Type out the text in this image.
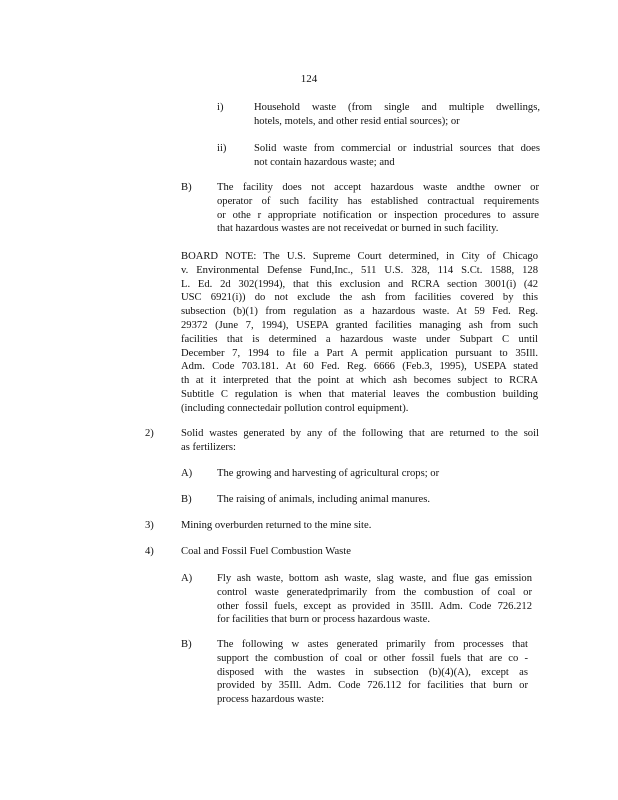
124
i)	Household waste (from single and multiple dwellings,
hotels, motels, and other resid ential sources); or
ii)	Solid waste from commercial or industrial sources that does
not contain hazardous waste; and
B) The facility does not accept hazardous waste andthe owner or
operator of such facility has established contractual requirements
or othe r appropriate notification or inspection procedures to assure
that hazardous wastes are not receivedat or burned in such facility.
BOARD NOTE: The U.S. Supreme Court determined, in City of Chicago
v. Environmental Defense Fund,Inc., 511 U.S. 328, 114 S.Ct. 1588, 128
L. Ed. 2d 302(1994), that this exclusion and RCRA section 3001(i) (42
USC 6921(i)) do not exclude the ash from facilities covered by this
subsection (b)(1) from regulation as a hazardous waste. At 59 Fed. Reg.
29372 (June 7, 1994), USEPA granted facilities managing ash from such
facilities that is determined a hazardous waste under Subpart C until
December 7, 1994 to file a Part A permit application pursuant to 35Ill.
Adm. Code 703.181. At 60 Fed. Reg. 6666 (Feb.3, 1995), USEPA stated
th at it interpreted that the point at which ash becomes subject to RCRA
Subtitle C regulation is when that material leaves the combustion building
(including connectedair pollution control equipment).
2)	Solid wastes generated by any of the following that are returned to the soil
as fertilizers:
A) The growing and harvesting of agricultural crops; or
B) The raising of animals, including animal manures.
3)	Mining overburden returned to the mine site.
4)	Coal and Fossil Fuel Combustion Waste
A) Fly ash waste, bottom ash waste, slag waste, and flue gas emission
control waste generatedprimarily from the combustion of coal or
other fossil fuels, except as provided in 35Ill. Adm. Code 726.212
for facilities that burn or process hazardous waste.
B) The following w astes generated primarily from processes that
support the combustion of coal or other fossil fuels that are co -
disposed with the wastes in subsection (b)(4)(A), except as
provided by 35Ill. Adm. Code 726.112 for facilities that burn or
process hazardous waste:
